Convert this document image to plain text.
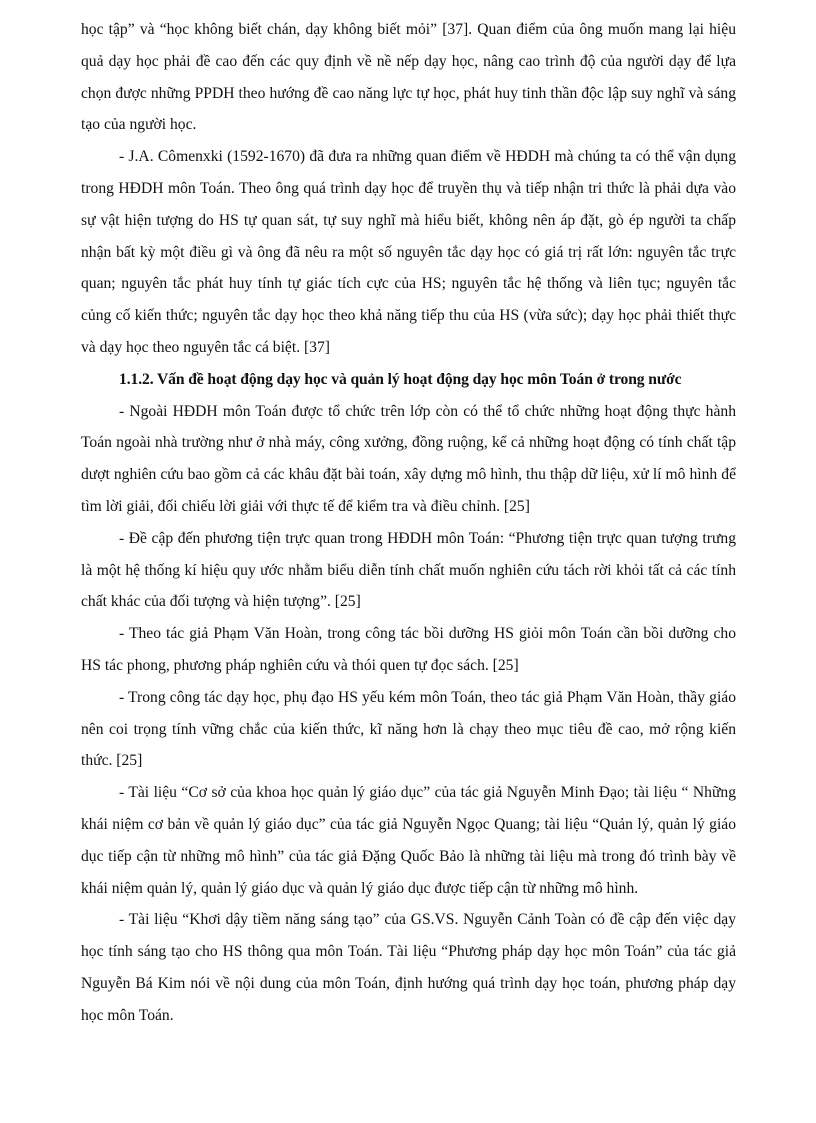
học tập” và “học không biết chán, dạy không biết mỏi” [37]. Quan điểm của ông muốn mang lại hiệu quả dạy học phải đề cao đến các quy định về nề nếp dạy học, nâng cao trình độ của người dạy để lựa chọn được những PPDH theo hướng đề cao năng lực tự học, phát huy tinh thần độc lập suy nghĩ và sáng tạo của người học.

- J.A. Cômenxki (1592-1670) đã đưa ra những quan điểm về HĐDH mà chúng ta có thể vận dụng trong HĐDH môn Toán. Theo ông quá trình dạy học để truyền thụ và tiếp nhận tri thức là phải dựa vào sự vật hiện tượng do HS tự quan sát, tự suy nghĩ mà hiểu biết, không nên áp đặt, gò ép người ta chấp nhận bất kỳ một điều gì và ông đã nêu ra một số nguyên tắc dạy học có giá trị rất lớn: nguyên tắc trực quan; nguyên tắc phát huy tính tự giác tích cực của HS; nguyên tắc hệ thống và liên tục; nguyên tắc củng cố kiến thức; nguyên tắc dạy học theo khả năng tiếp thu của HS (vừa sức); dạy học phải thiết thực và dạy học theo nguyên tắc cá biệt. [37]

1.1.2. Vấn đề hoạt động dạy học và quản lý hoạt động dạy học môn Toán ở trong nước

- Ngoài HĐDH môn Toán được tổ chức trên lớp còn có thể tổ chức những hoạt động thực hành Toán ngoài nhà trường như ở nhà máy, công xưởng, đồng ruộng, kể cả những hoạt động có tính chất tập dượt nghiên cứu bao gồm cả các khâu đặt bài toán, xây dựng mô hình, thu thập dữ liệu, xử lí mô hình để tìm lời giải, đối chiếu lời giải với thực tế để kiểm tra và điều chỉnh. [25]

- Đề cập đến phương tiện trực quan trong HĐDH môn Toán: “Phương tiện trực quan tượng trưng là một hệ thống kí hiệu quy ước nhằm biểu diễn tính chất muốn nghiên cứu tách rời khỏi tất cả các tính chất khác của đối tượng và hiện tượng”. [25]

- Theo tác giả Phạm Văn Hoàn, trong công tác bồi dưỡng HS giỏi môn Toán cần bồi dưỡng cho HS tác phong, phương pháp nghiên cứu và thói quen tự đọc sách. [25]

- Trong công tác dạy học, phụ đạo HS yếu kém môn Toán, theo tác giả Phạm Văn Hoàn, thầy giáo nên coi trọng tính vững chắc của kiến thức, kĩ năng hơn là chạy theo mục tiêu đề cao, mở rộng kiến thức. [25]

- Tài liệu “Cơ sở của khoa học quản lý giáo dục” của tác giả Nguyễn Minh Đạo; tài liệu “ Những khái niệm cơ bản về quản lý giáo dục” của tác giả Nguyễn Ngọc Quang; tài liệu “Quản lý, quản lý giáo dục tiếp cận từ những mô hình” của tác giả Đặng Quốc Bảo là những tài liệu mà trong đó trình bày về khái niệm quản lý, quản lý giáo dục và quản lý giáo dục được tiếp cận từ những mô hình.

- Tài liệu “Khơi dậy tiềm năng sáng tạo” của GS.VS. Nguyễn Cảnh Toàn có đề cập đến việc dạy học tính sáng tạo cho HS thông qua môn Toán. Tài liệu “Phương pháp dạy học môn Toán” của tác giả Nguyễn Bá Kim nói về nội dung của môn Toán, định hướng quá trình dạy học toán, phương pháp dạy học môn Toán.
